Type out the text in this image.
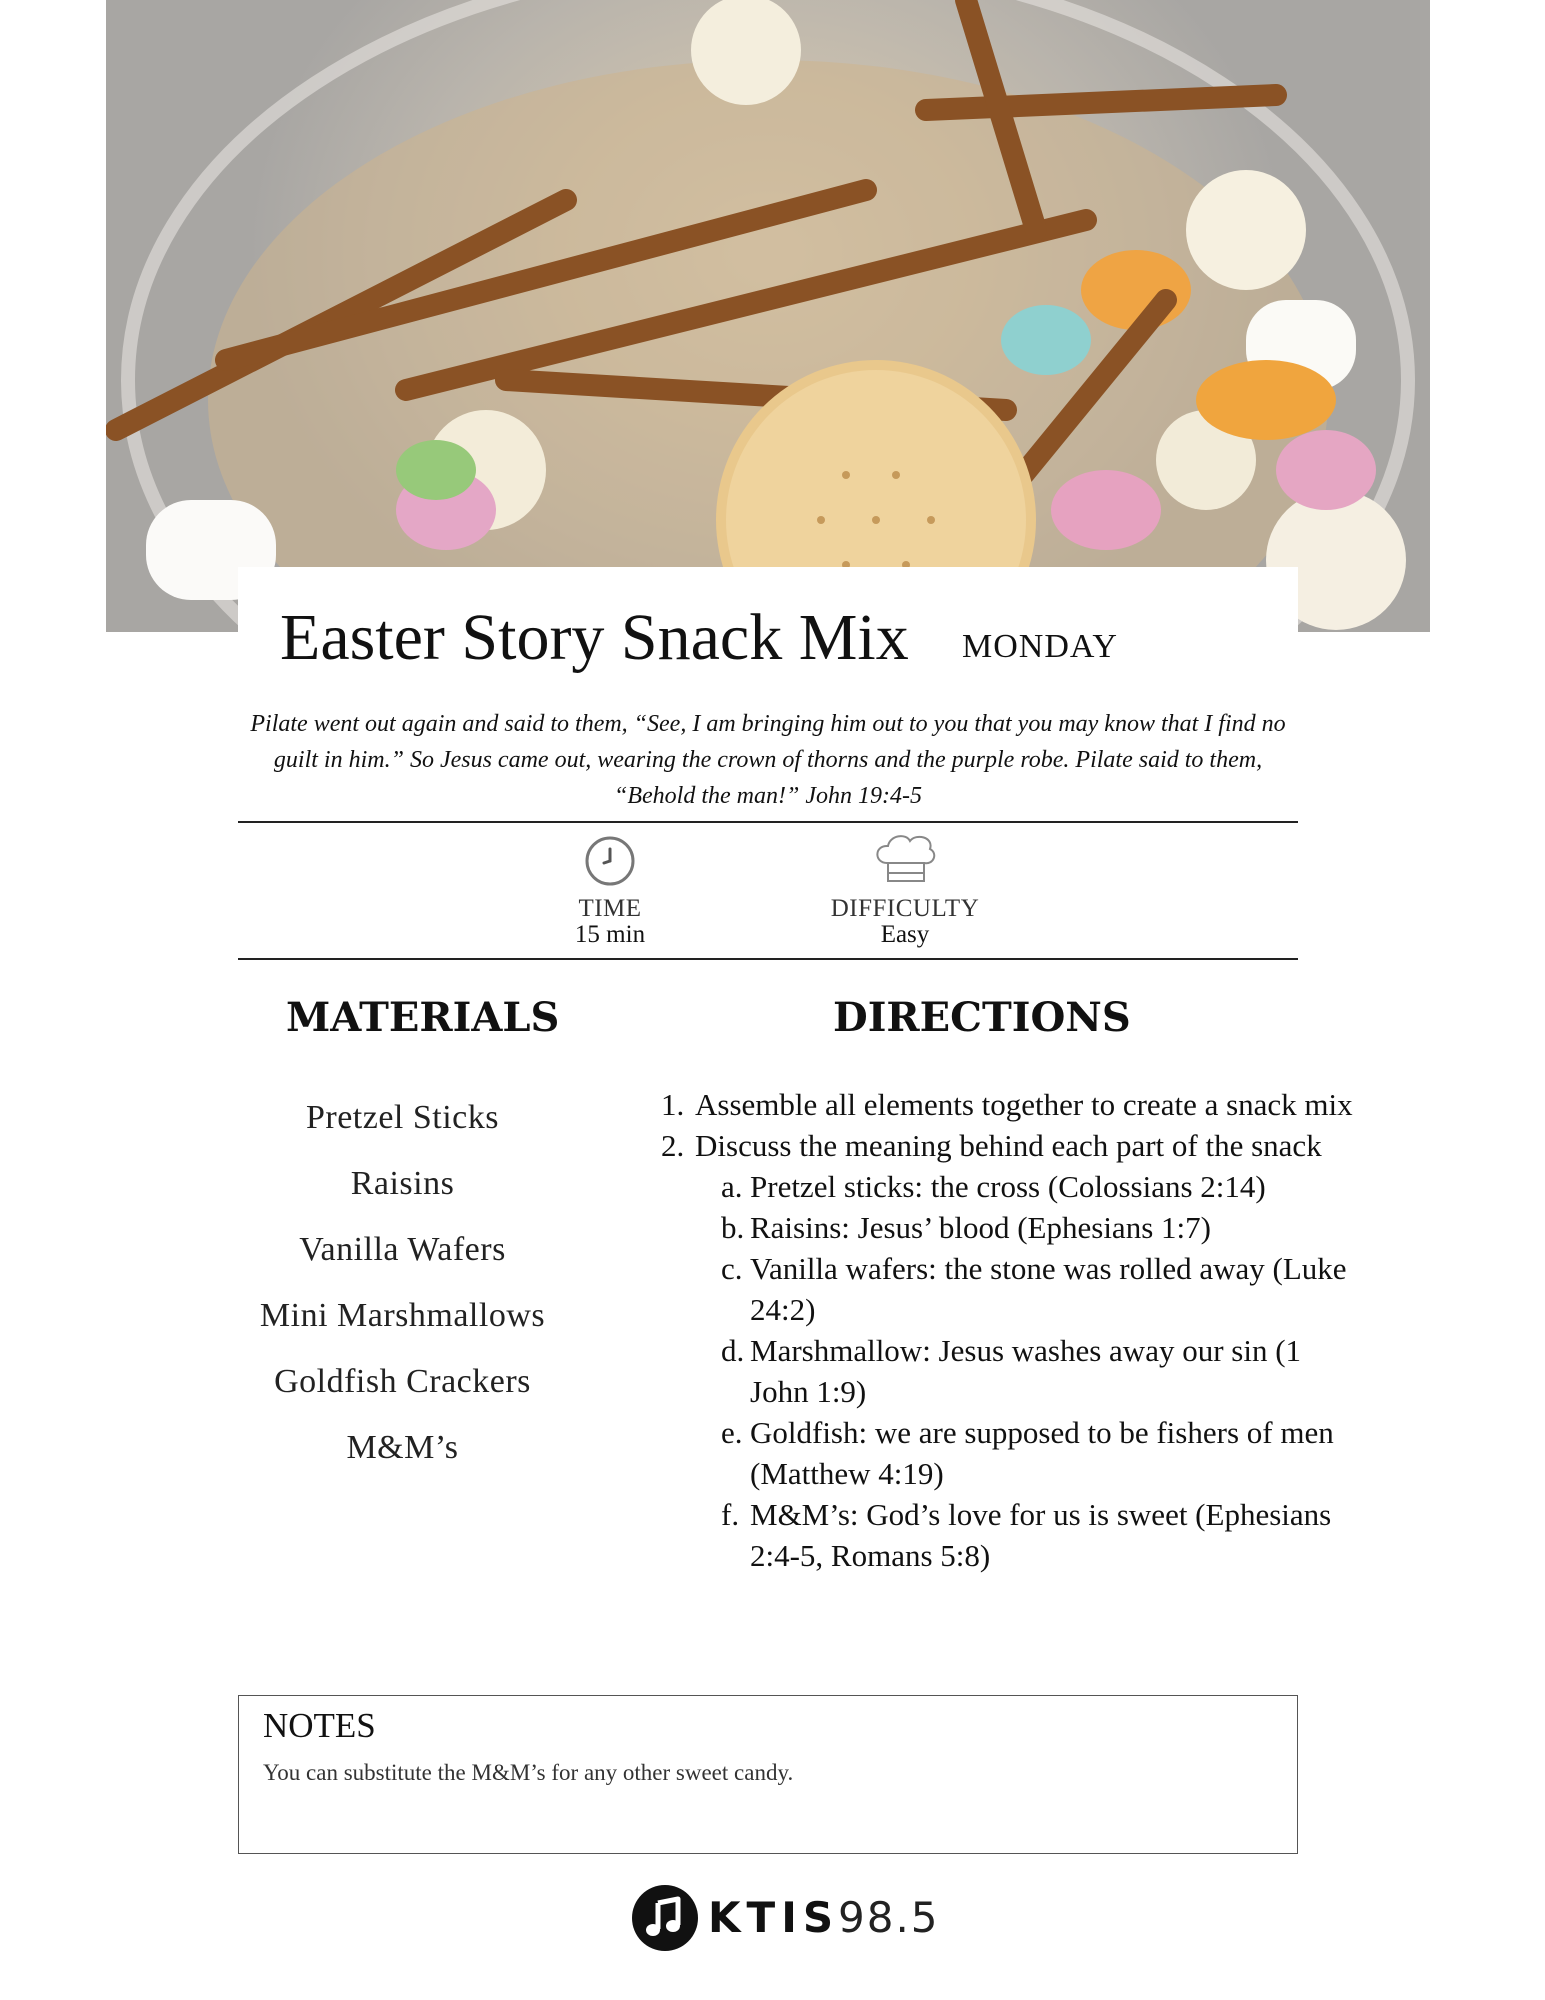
Easter Story Snack Mix MONDAY
Pilate went out again and said to them, “See, I am bringing him out to you that you may know that I find no guilt in him.” So Jesus came out, wearing the crown of thorns and the purple robe. Pilate said to them, “Behold the man!” John 19:4-5
TIME
15 min
DIFFICULTY
Easy
MATERIALS
Pretzel Sticks
Raisins
Vanilla Wafers
Mini Marshmallows
Goldfish Crackers
M&M’s
DIRECTIONS
1. Assemble all elements together to create a snack mix
2. Discuss the meaning behind each part of the snack
a. Pretzel sticks: the cross (Colossians 2:14)
b. Raisins: Jesus’ blood (Ephesians 1:7)
c. Vanilla wafers: the stone was rolled away (Luke 24:2)
d. Marshmallow: Jesus washes away our sin (1 John 1:9)
e. Goldfish: we are supposed to be fishers of men (Matthew 4:19)
f. M&M’s: God’s love for us is sweet (Ephesians 2:4-5, Romans 5:8)
NOTES
You can substitute the M&M’s for any other sweet candy.
KTIS
98.5
